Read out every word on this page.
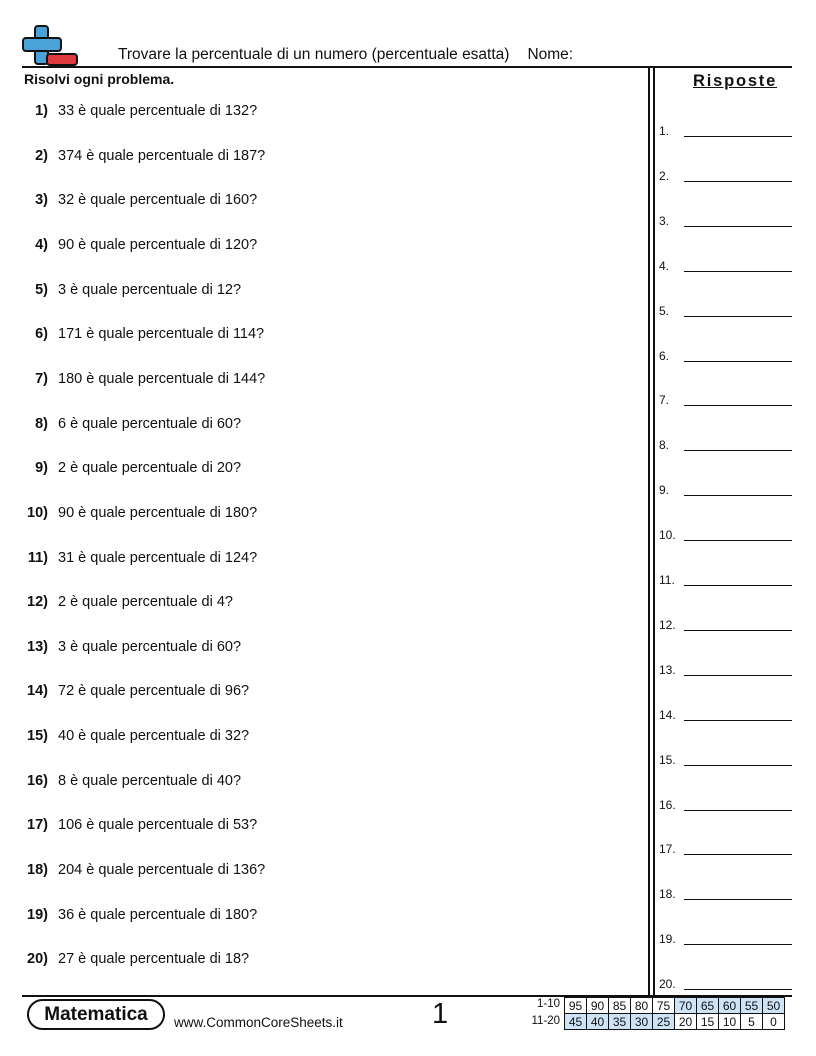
Trovare la percentuale di un numero (percentuale esatta) Nome:
Risolvi ogni problema.
1) 33 è quale percentuale di 132?
2) 374 è quale percentuale di 187?
3) 32 è quale percentuale di 160?
4) 90 è quale percentuale di 120?
5) 3 è quale percentuale di 12?
6) 171 è quale percentuale di 114?
7) 180 è quale percentuale di 144?
8) 6 è quale percentuale di 60?
9) 2 è quale percentuale di 20?
10) 90 è quale percentuale di 180?
11) 31 è quale percentuale di 124?
12) 2 è quale percentuale di 4?
13) 3 è quale percentuale di 60?
14) 72 è quale percentuale di 96?
15) 40 è quale percentuale di 32?
16) 8 è quale percentuale di 40?
17) 106 è quale percentuale di 53?
18) 204 è quale percentuale di 136?
19) 36 è quale percentuale di 180?
20) 27 è quale percentuale di 18?
Risposte
1.
2.
3.
4.
5.
6.
7.
8.
9.
10.
11.
12.
13.
14.
15.
16.
17.
18.
19.
20.
Matematica	www.CommonCoreSheets.it	1	1-10
11-20
95	90	85	80	75	70	65	60	55	50
45	40	35	30	25	20	15	10	5	0
